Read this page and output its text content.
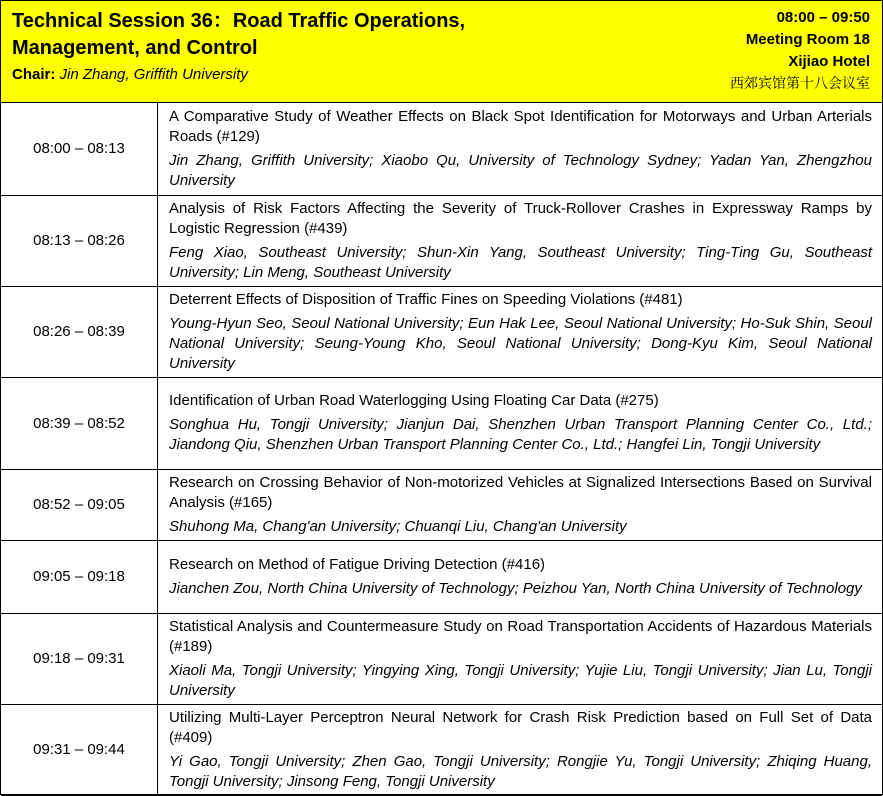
Technical Session 36：Road Traffic Operations, Management, and Control
Chair: Jin Zhang, Griffith University
08:00 – 09:50
Meeting Room 18
Xijiao Hotel
西郊宾馆第十八会议室
08:00 – 08:13	A Comparative Study of Weather Effects on Black Spot Identification for Motorways and Urban Arterials Roads (#129)
Jin Zhang, Griffith University; Xiaobo Qu, University of Technology Sydney; Yadan Yan, Zhengzhou University

08:13 – 08:26	Analysis of Risk Factors Affecting the Severity of Truck-Rollover Crashes in Expressway Ramps by Logistic Regression (#439)
Feng Xiao, Southeast University; Shun-Xin Yang, Southeast University; Ting-Ting Gu, Southeast University; Lin Meng, Southeast University

08:26 – 08:39	Deterrent Effects of Disposition of Traffic Fines on Speeding Violations (#481)
Young-Hyun Seo, Seoul National University; Eun Hak Lee, Seoul National University; Ho-Suk Shin, Seoul National University; Seung-Young Kho, Seoul National University; Dong-Kyu Kim, Seoul National University

08:39 – 08:52	Identification of Urban Road Waterlogging Using Floating Car Data (#275)
Songhua Hu, Tongji University; Jianjun Dai, Shenzhen Urban Transport Planning Center Co., Ltd.; Jiandong Qiu, Shenzhen Urban Transport Planning Center Co., Ltd.; Hangfei Lin, Tongji University

08:52 – 09:05	Research on Crossing Behavior of Non-motorized Vehicles at Signalized Intersections Based on Survival Analysis (#165)
Shuhong Ma, Chang'an University; Chuanqi Liu, Chang'an University

09:05 – 09:18	Research on Method of Fatigue Driving Detection (#416)
Jianchen Zou, North China University of Technology; Peizhou Yan, North China University of Technology

09:18 – 09:31	Statistical Analysis and Countermeasure Study on Road Transportation Accidents of Hazardous Materials (#189)
Xiaoli Ma, Tongji University; Yingying Xing, Tongji University; Yujie Liu, Tongji University; Jian Lu, Tongji University

09:31 – 09:44	Utilizing Multi-Layer Perceptron Neural Network for Crash Risk Prediction based on Full Set of Data (#409)
Yi Gao, Tongji University; Zhen Gao, Tongji University; Rongjie Yu, Tongji University; Zhiqing Huang, Tongji University; Jinsong Feng, Tongji University
